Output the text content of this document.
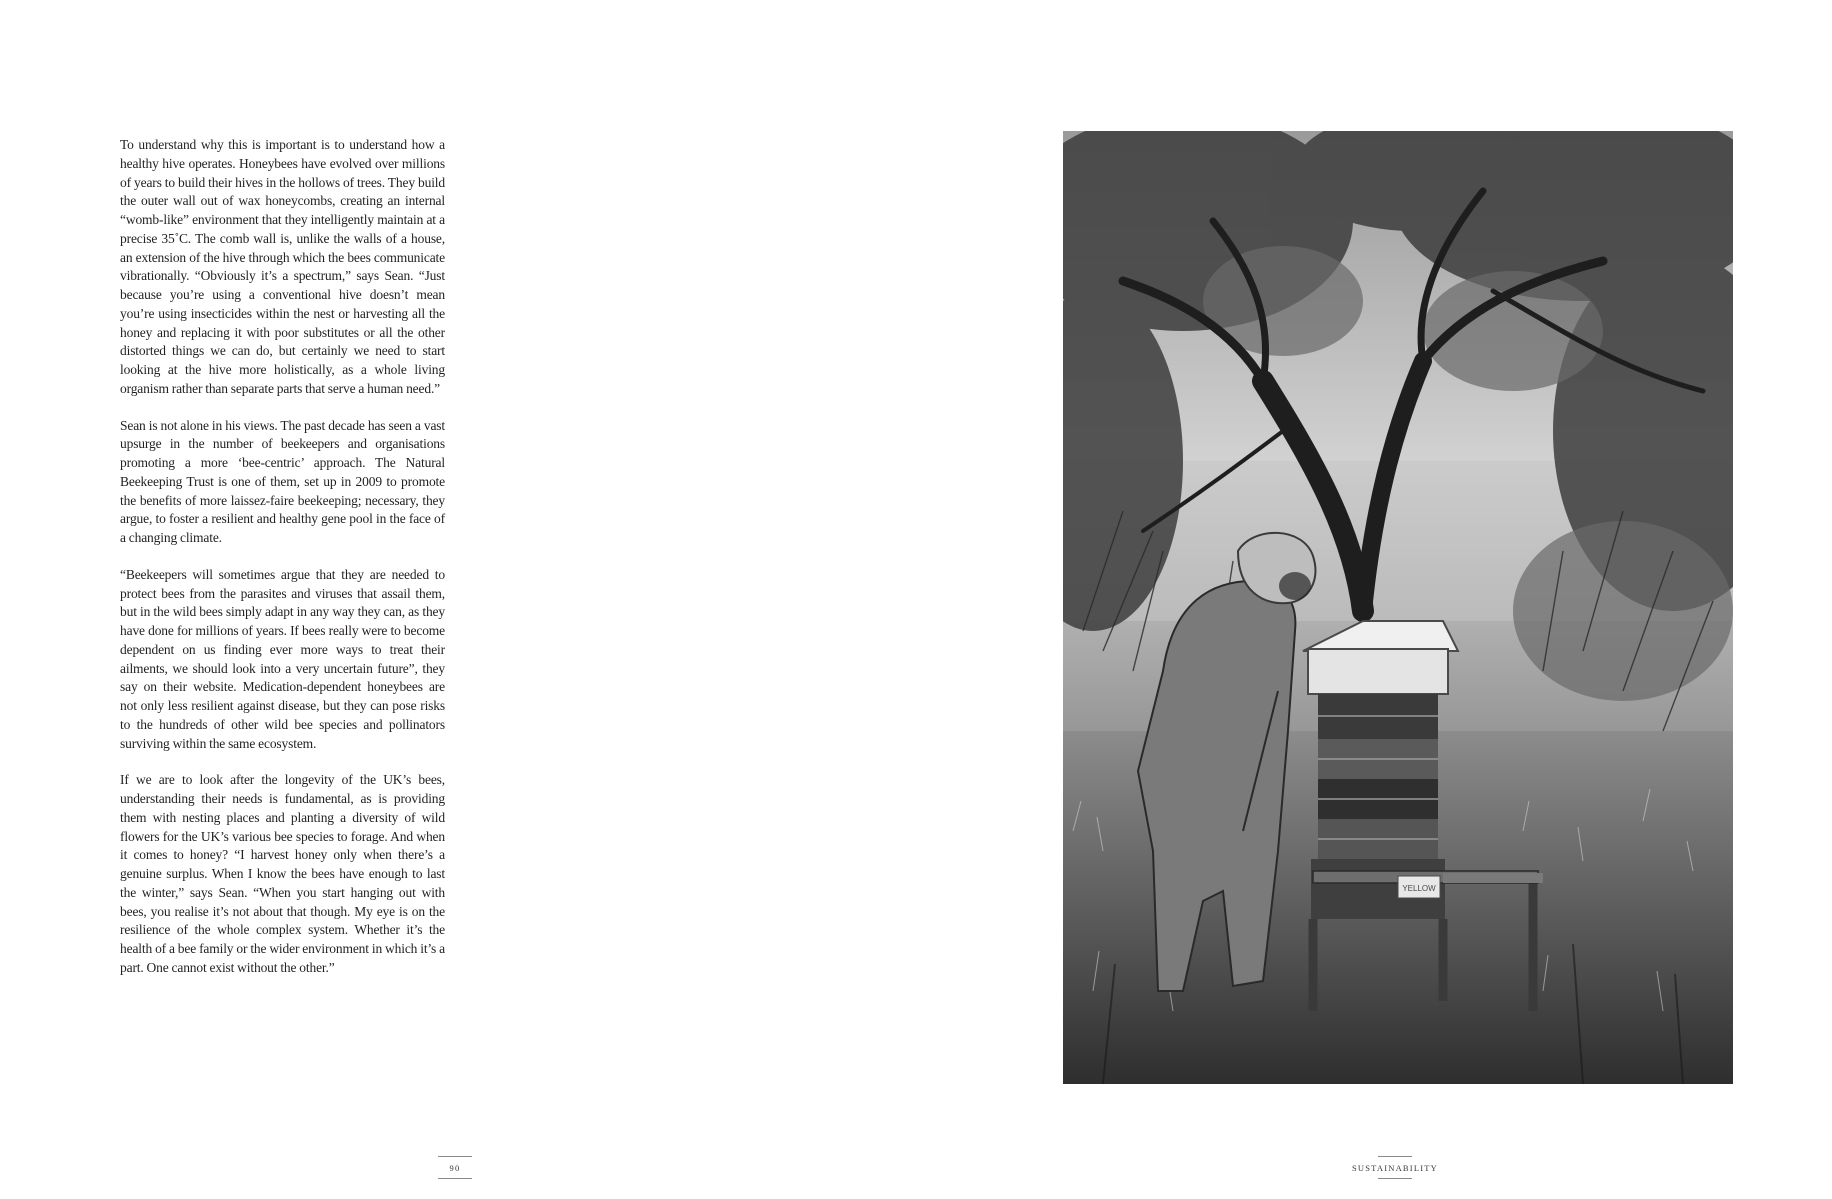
To understand why this is important is to understand how a healthy hive operates. Honeybees have evolved over millions of years to build their hives in the hollows of trees. They build the outer wall out of wax honeycombs, creating an internal “womb-like” environment that they intelligently maintain at a precise 35˚C. The comb wall is, unlike the walls of a house, an extension of the hive through which the bees communicate vibrationally. “Obviously it’s a spectrum,” says Sean. “Just because you’re using a conventional hive doesn’t mean you’re using insecticides within the nest or harvesting all the honey and replacing it with poor substitutes or all the other distorted things we can do, but certainly we need to start looking at the hive more holistically, as a whole living organism rather than separate parts that serve a human need.”

Sean is not alone in his views. The past decade has seen a vast upsurge in the number of beekeepers and organisations promoting a more ‘bee-centric’ approach. The Natural Beekeeping Trust is one of them, set up in 2009 to promote the benefits of more laissez-faire beekeeping; necessary, they argue, to foster a resilient and healthy gene pool in the face of a changing climate.

“Beekeepers will sometimes argue that they are needed to protect bees from the parasites and viruses that assail them, but in the wild bees simply adapt in any way they can, as they have done for millions of years. If bees really were to become dependent on us finding ever more ways to treat their ailments, we should look into a very uncertain future”, they say on their website. Medication-dependent honeybees are not only less resilient against disease, but they can pose risks to the hundreds of other wild bee species and pollinators surviving within the same ecosystem.

If we are to look after the longevity of the UK’s bees, understanding their needs is fundamental, as is providing them with nesting places and planting a diversity of wild flowers for the UK’s various bee species to forage. And when it comes to honey? “I harvest honey only when there’s a genuine surplus. When I know the bees have enough to last the winter,” says Sean. “When you start hanging out with bees, you realise it’s not about that though. My eye is on the resilience of the whole complex system. Whether it’s the health of a bee family or the wider environment in which it’s a part. One cannot exist without the other.”

YELLOW
90	SUSTAINABILITY
